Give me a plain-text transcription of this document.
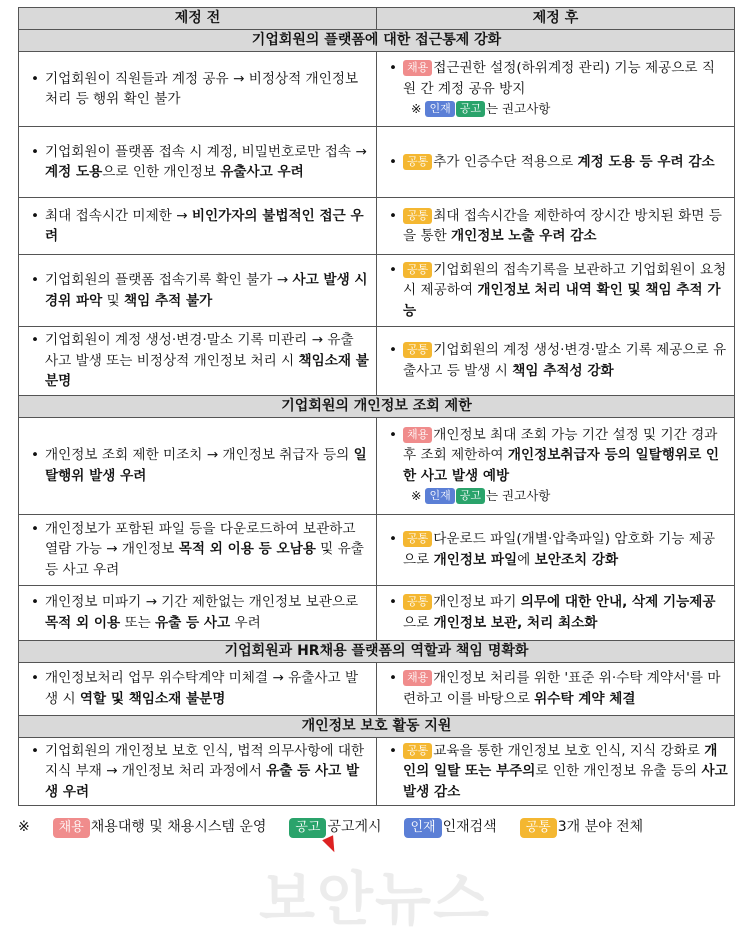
제정 전	제정 후
기업회원의 플랫폼에 대한 접근통제 강화	

• 기업회원이 직원들과 계정 공유 → 비정상적 개인정보 처리 등 행위 확인 불가	• 채용 접근권한 설정(하위계정 관리) 기능 제공으로 직원 간 계정 공유 방지
※ 인재 공고 는 권고사항

• 기업회원이 플랫폼 접속 시 계정, 비밀번호로만 접속 → 계정 도용으로 인한 개인정보 유출사고 우려	• 공통 추가 인증수단 적용으로 계정 도용 등 우려 감소

• 최대 접속시간 미제한 → 비인가자의 불법적인 접근 우려	• 공통 최대 접속시간을 제한하여 장시간 방치된 화면 등을 통한 개인정보 노출 우려 감소

• 기업회원의 플랫폼 접속기록 확인 불가 → 사고 발생 시 경위 파악 및 책임 추적 불가	• 공통 기업회원의 접속기록을 보관하고 기업회원이 요청 시 제공하여 개인정보 처리 내역 확인 및 책임 추적 가능

• 기업회원이 계정 생성·변경·말소 기록 미관리 → 유출 사고 발생 또는 비정상적 개인정보 처리 시 책임소재 불분명	• 공통 기업회원의 계정 생성·변경·말소 기록 제공으로 유출사고 등 발생 시 책임 추적성 강화

기업회원의 개인정보 조회 제한	

• 개인정보 조회 제한 미조치 → 개인정보 취급자 등의 일탈행위 발생 우려	• 채용 개인정보 최대 조회 가능 기간 설정 및 기간 경과 후 조회 제한하여 개인정보취급자 등의 일탈행위로 인한 사고 발생 예방
※ 인재 공고 는 권고사항

• 개인정보가 포함된 파일 등을 다운로드하여 보관하고 열람 가능 → 개인정보 목적 외 이용 등 오남용 및 유출 등 사고 우려	• 공통 다운로드 파일(개별·압축파일) 암호화 기능 제공으로 개인정보 파일에 보안조치 강화

• 개인정보 미파기 → 기간 제한없는 개인정보 보관으로 목적 외 이용 또는 유출 등 사고 우려	• 공통 개인정보 파기 의무에 대한 안내, 삭제 기능제공으로 개인정보 보관, 처리 최소화

기업회원과 HR채용 플랫폼의 역할과 책임 명확화	

• 개인정보처리 업무 위수탁계약 미체결 → 유출사고 발생 시 역할 및 책임소재 불분명	• 채용 개인정보 처리를 위한 '표준 위·수탁 계약서'를 마련하고 이를 바탕으로 위수탁 계약 체결

개인정보 보호 활동 지원	

• 기업회원의 개인정보 보호 인식, 법적 의무사항에 대한 지식 부재 → 개인정보 처리 과정에서 유출 등 사고 발생 우려	• 공통 교육을 통한 개인정보 보호 인식, 지식 강화로 개인의 일탈 또는 부주의로 인한 개인정보 유출 등의 사고 발생 감소
※ 채용 채용대행 및 채용시스템 운영 공고 공고게시 인재 인재검색 공통 3개 분야 전체
보안뉴스
